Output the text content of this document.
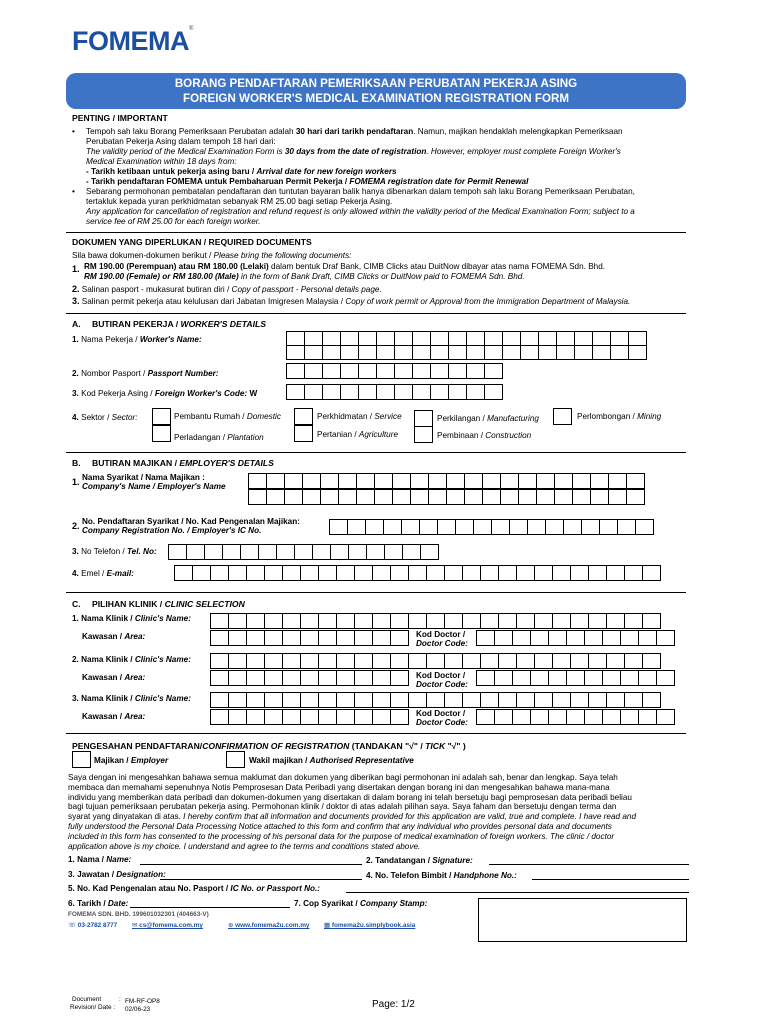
FOMEMA®
BORANG PENDAFTARAN PEMERIKSAAN PERUBATAN PEKERJA ASING
FOREIGN WORKER'S MEDICAL EXAMINATION REGISTRATION FORM
PENTING / IMPORTANT
• Tempoh sah laku Borang Pemeriksaan Perubatan adalah 30 hari dari tarikh pendaftaran. Namun, majikan hendaklah melengkapkan Pemeriksaan
Perubatan Pekerja Asing dalam tempoh 18 hari dari:
The validity period of the Medical Examination Form is 30 days from the date of registration. However, employer must complete Foreign Worker's
Medical Examination within 18 days from:
- Tarikh ketibaan untuk pekerja asing baru / Arrival date for new foreign workers
- Tarikh pendaftaran FOMEMA untuk Pembaharuan Permit Pekerja / FOMEMA registration date for Permit Renewal
• Sebarang permohonan pembatalan pendaftaran dan tuntutan bayaran balik hanya dibenarkan dalam tempoh sah laku Borang Pemeriksaan Perubatan,
tertakluk kepada yuran perkhidmatan sebanyak RM 25.00 bagi setiap Pekerja Asing.
Any application for cancellation of registration and refund request is only allowed within the validity period of the Medical Examination Form; subject to a
service fee of RM 25.00 for each foreign worker.
DOKUMEN YANG DIPERLUKAN / REQUIRED DOCUMENTS
Sila bawa dokumen-dokumen berikut / Please bring the following documents:
1. RM 190.00 (Perempuan) atau RM 180.00 (Lelaki) dalam bentuk Draf Bank, CIMB Clicks atau DuitNow dibayar atas nama FOMEMA Sdn. Bhd.
RM 190.00 (Female) or RM 180.00 (Male) in the form of Bank Draft, CIMB Clicks or DuitNow paid to FOMEMA Sdn. Bhd.
2. Salinan pasport - mukasurat butiran diri / Copy of passport - Personal details page.
3. Salinan permit pekerja atau kelulusan dari Jabatan Imigresen Malaysia / Copy of work permit or Approval from the Immigration Department of Malaysia.
A. BUTIRAN PEKERJA / WORKER'S DETAILS
1. Nama Pekerja / Worker's Name:
2. Nombor Pasport / Passport Number:
3. Kod Pekerja Asing / Foreign Worker's Code: W
4. Sektor / Sector:	Pembantu Rumah / Domestic
Perladangan / Plantation
Perkhidmatan / Service
Pertanian / Agriculture
Perkilangan / Manufacturing
Pembinaan / Construction
Perlombongan / Mining
B. BUTIRAN MAJIKAN / EMPLOYER'S DETAILS
1. Nama Syarikat / Nama Majikan :
Company's Name / Employer's Name
2. No. Pendaftaran Syarikat / No. Kad Pengenalan Majikan:
Company Registration No. / Employer's IC No.
3. No Telefon / Tel. No:
4. Emel / E-mail:
C. PILIHAN KLINIK / CLINIC SELECTION
1. Nama Klinik / Clinic's Name:
Kawasan / Area:	Kod Doctor /
Doctor Code:
2. Nama Klinik / Clinic's Name:
Kawasan / Area:	Kod Doctor /
Doctor Code:
3. Nama Klinik / Clinic's Name:
Kawasan / Area:	Kod Doctor /
Doctor Code:
PENGESAHAN PENDAFTARAN/CONFIRMATION OF REGISTRATION (TANDAKAN "√" / TICK "√" )
Majikan / Employer	Wakil majikan / Authorised Representative
Saya dengan ini mengesahkan bahawa semua maklumat dan dokumen yang diberikan bagi permohonan ini adalah sah, benar dan lengkap. Saya telah
membaca dan memahami sepenuhnya Notis Pemprosesan Data Peribadi yang disertakan dengan borang ini dan mengesahkan bahawa mana-mana
individu yang memberikan data peribadi dan dokumen-dokumen yang disertakan di dalam borang ini telah bersetuju bagi pemprosesan data peribadi beliau
bagi tujuan pemeriksaan perubatan pekerja asing. Permohonan klinik / doktor di atas adalah pilihan saya. Saya faham dan bersetuju dengan terma dan
syarat yang dinyatakan di atas. I hereby confirm that all information and documents provided for this application are valid, true and complete. I have read and
fully understood the Personal Data Processing Notice attached to this form and confirm that any individual who provides personal data and documents
included in this form has consented to the processing of his personal data for the purpose of medical examination of foreign workers. The clinic / doctor
application above is my choice. I understand and agree to the terms and conditions stated above.
1. Nama / Name:	2. Tandatangan / Signature:
3. Jawatan / Designation:	4. No. Telefon Bimbit / Handphone No.:
5. No. Kad Pengenalan atau No. Pasport / IC No. or Passport No.:
6. Tarikh / Date:	7. Cop Syarikat / Company Stamp:
FOMEMA SDN. BHD. 199601032301 (404663-V)
☏ 03-2782 8777 ✉ cs@fomema.com.my	⊕ www.fomema2u.com.my ▦ fomema2u.simplybook.asia
Document
Revision/ Date :
: FM-RF-OP8
02/06-23	Page: 1/2
